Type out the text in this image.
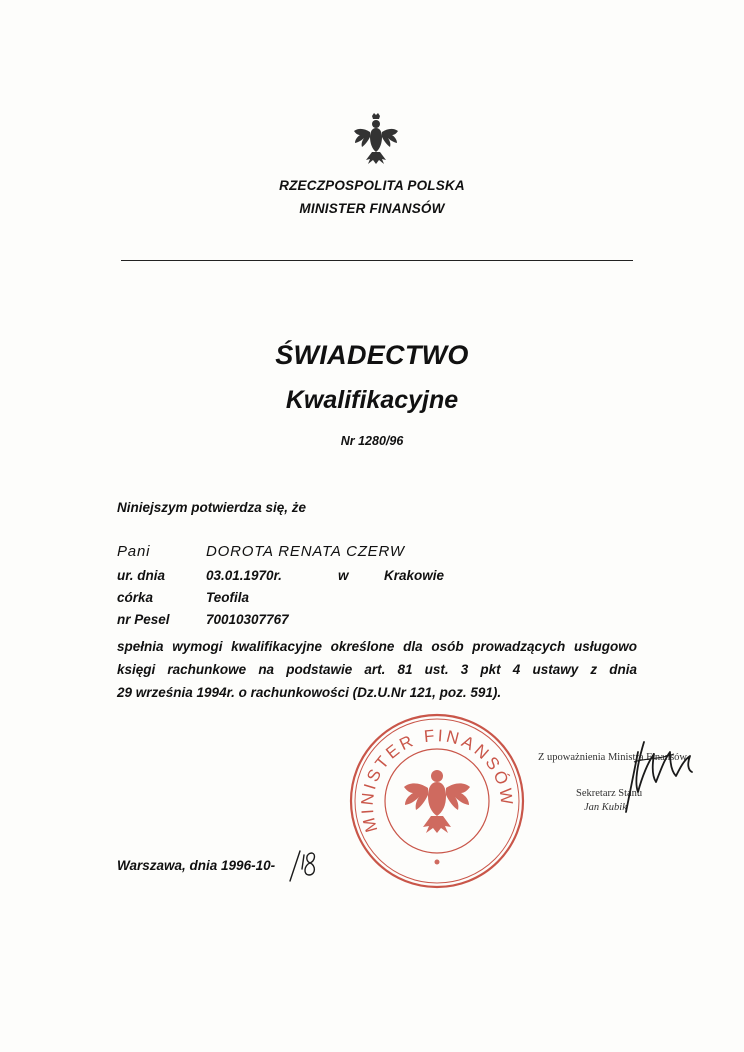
RZECZPOSPOLITA POLSKA
MINISTER FINANSÓW
ŚWIADECTWO
Kwalifikacyjne
Nr 1280/96
Niniejszym potwierdza się, że
Pani	DOROTA RENATA CZERW
ur. dnia	03.01.1970r.	w	Krakowie
córka	Teofila
nr Pesel	70010307767
spełnia wymogi kwalifikacyjne określone dla osób prowadzących usługowo
księgi rachunkowe na podstawie art. 81 ust. 3 pkt 4 ustawy z dnia
29 września 1994r. o rachunkowości (Dz.U.Nr 121, poz. 591).
MINISTER FINANSÓW
Z upoważnienia Ministra Finansów
Sekretarz Stanu
Jan Kubik
Warszawa, dnia 1996-10-
